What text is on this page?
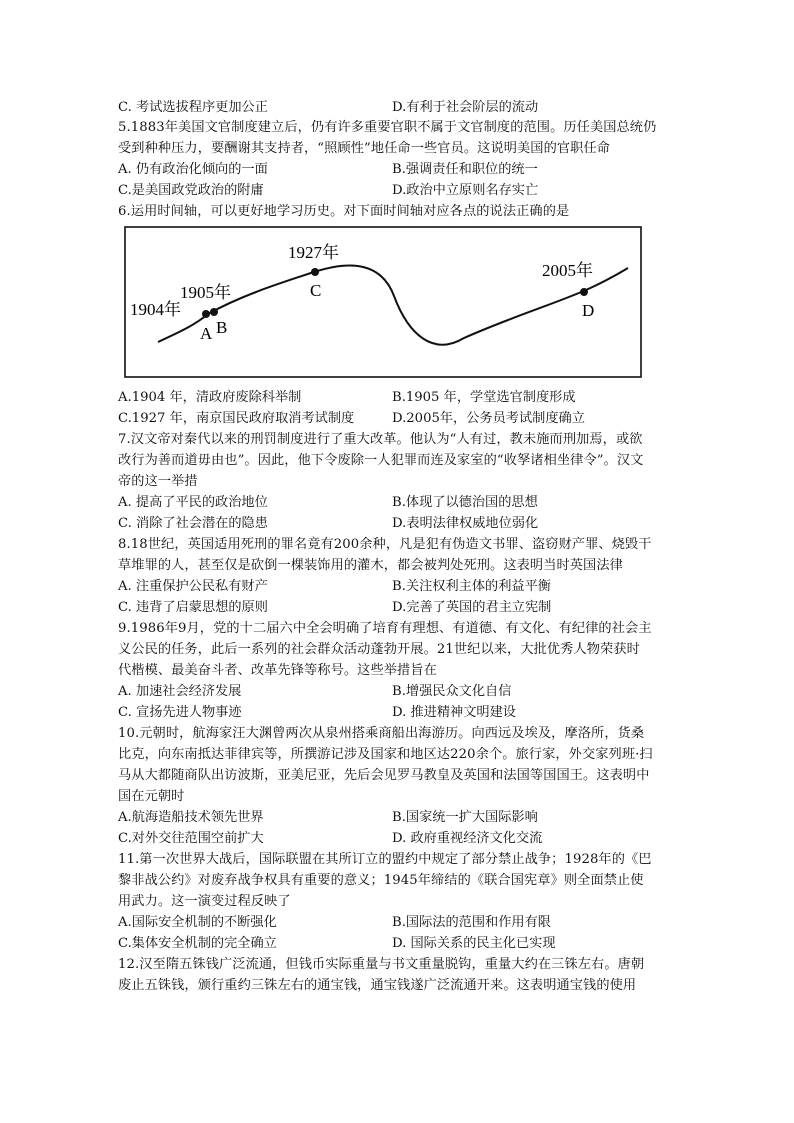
C. 考试选拔程序更加公正	D.有利于社会阶层的流动
5.1883年美国文官制度建立后，仍有许多重要官职不属于文官制度的范围。历任美国总统仍
受到种种压力，要酬谢其支持者，“照顾性”地任命一些官员。这说明美国的官职任命
A. 仍有政治化倾向的一面	B.强调责任和职位的统一
C.是美国政党政治的附庸	D.政治中立原则名存实亡
6.运用时间轴，可以更好地学习历史。对下面时间轴对应各点的说法正确的是
A.1904 年，清政府废除科举制	B.1905 年，学堂选官制度形成
C.1927 年，南京国民政府取消考试制度	D.2005年，公务员考试制度确立
7.汉文帝对秦代以来的刑罚制度进行了重大改革。他认为“人有过，教未施而刑加焉，或欲
改行为善而道毋由也”。因此，他下令废除一人犯罪而连及家室的“收孥诸相坐律令”。汉文
帝的这一举措
A. 提高了平民的政治地位	B.体现了以德治国的思想
C. 消除了社会潜在的隐患	D.表明法律权威地位弱化
8.18世纪，英国适用死刑的罪名竟有200余种，凡是犯有伪造文书罪、盗窃财产罪、烧毁干
草堆罪的人，甚至仅是砍倒一棵装饰用的灌木，都会被判处死刑。这表明当时英国法律
A. 注重保护公民私有财产	B.关注权利主体的利益平衡
C. 违背了启蒙思想的原则	D.完善了英国的君主立宪制
9.1986年9月，党的十二届六中全会明确了培育有理想、有道德、有文化、有纪律的社会主
义公民的任务，此后一系列的社会群众活动蓬勃开展。21世纪以来，大批优秀人物荣获时
代楷模、最美奋斗者、改革先锋等称号。这些举措旨在
A. 加速社会经济发展	B.增强民众文化自信
C. 宣扬先进人物事迹	D. 推进精神文明建设
10.元朝时，航海家汪大渊曾两次从泉州搭乘商船出海游历。向西远及埃及，摩洛所，货桑
比克，向东南抵达菲律宾等，所撰游记涉及国家和地区达220余个。旅行家，外交家列班·扫
马从大都随商队出访波斯，亚美尼亚，先后会见罗马教皇及英国和法国等国国王。这表明中
国在元朝时
A.航海造船技术领先世界	B.国家统一扩大国际影响
C.对外交往范围空前扩大	D. 政府重视经济文化交流
11.第一次世界大战后，国际联盟在其所订立的盟约中规定了部分禁止战争；1928年的《巴
黎非战公约》对废弃战争权具有重要的意义；1945年缔结的《联合国宪章》则全面禁止使
用武力。这一演变过程反映了
A.国际安全机制的不断强化	B.国际法的范围和作用有限
C.集体安全机制的完全确立	D. 国际关系的民主化已实现
12.汉至隋五铢钱广泛流通，但钱币实际重量与书文重量脱钩，重量大约在三铢左右。唐朝
废止五铢钱，颁行重约三铢左右的通宝钱，通宝钱遂广泛流通开来。这表明通宝钱的使用
1904年
1905年
1927年
2005年
A B
C
D
